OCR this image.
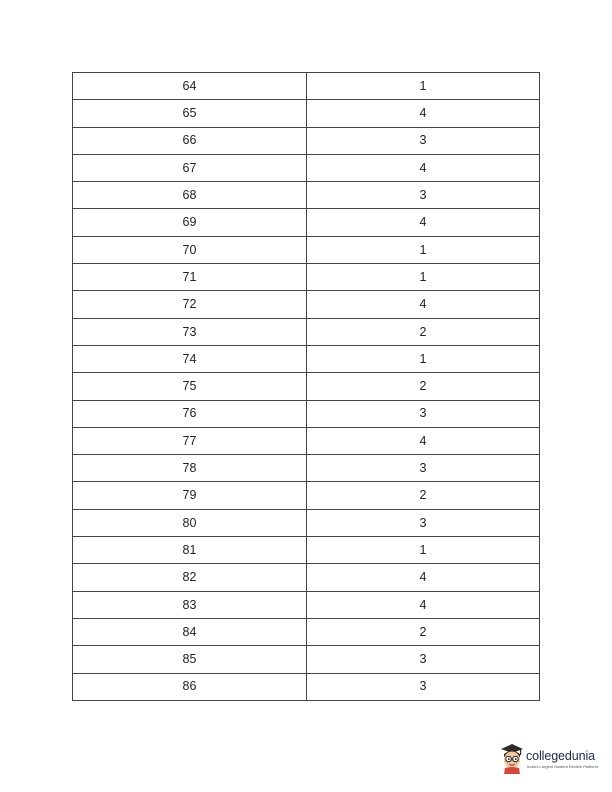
64	1
65	4
66	3
67	4
68	3
69	4
70	1
71	1
72	4
73	2
74	1
75	2
76	3
77	4
78	3
79	2
80	3
81	1
82	4
83	4
84	2
85	3
86	3
collegedunia
India's Largest Student Review Platform
